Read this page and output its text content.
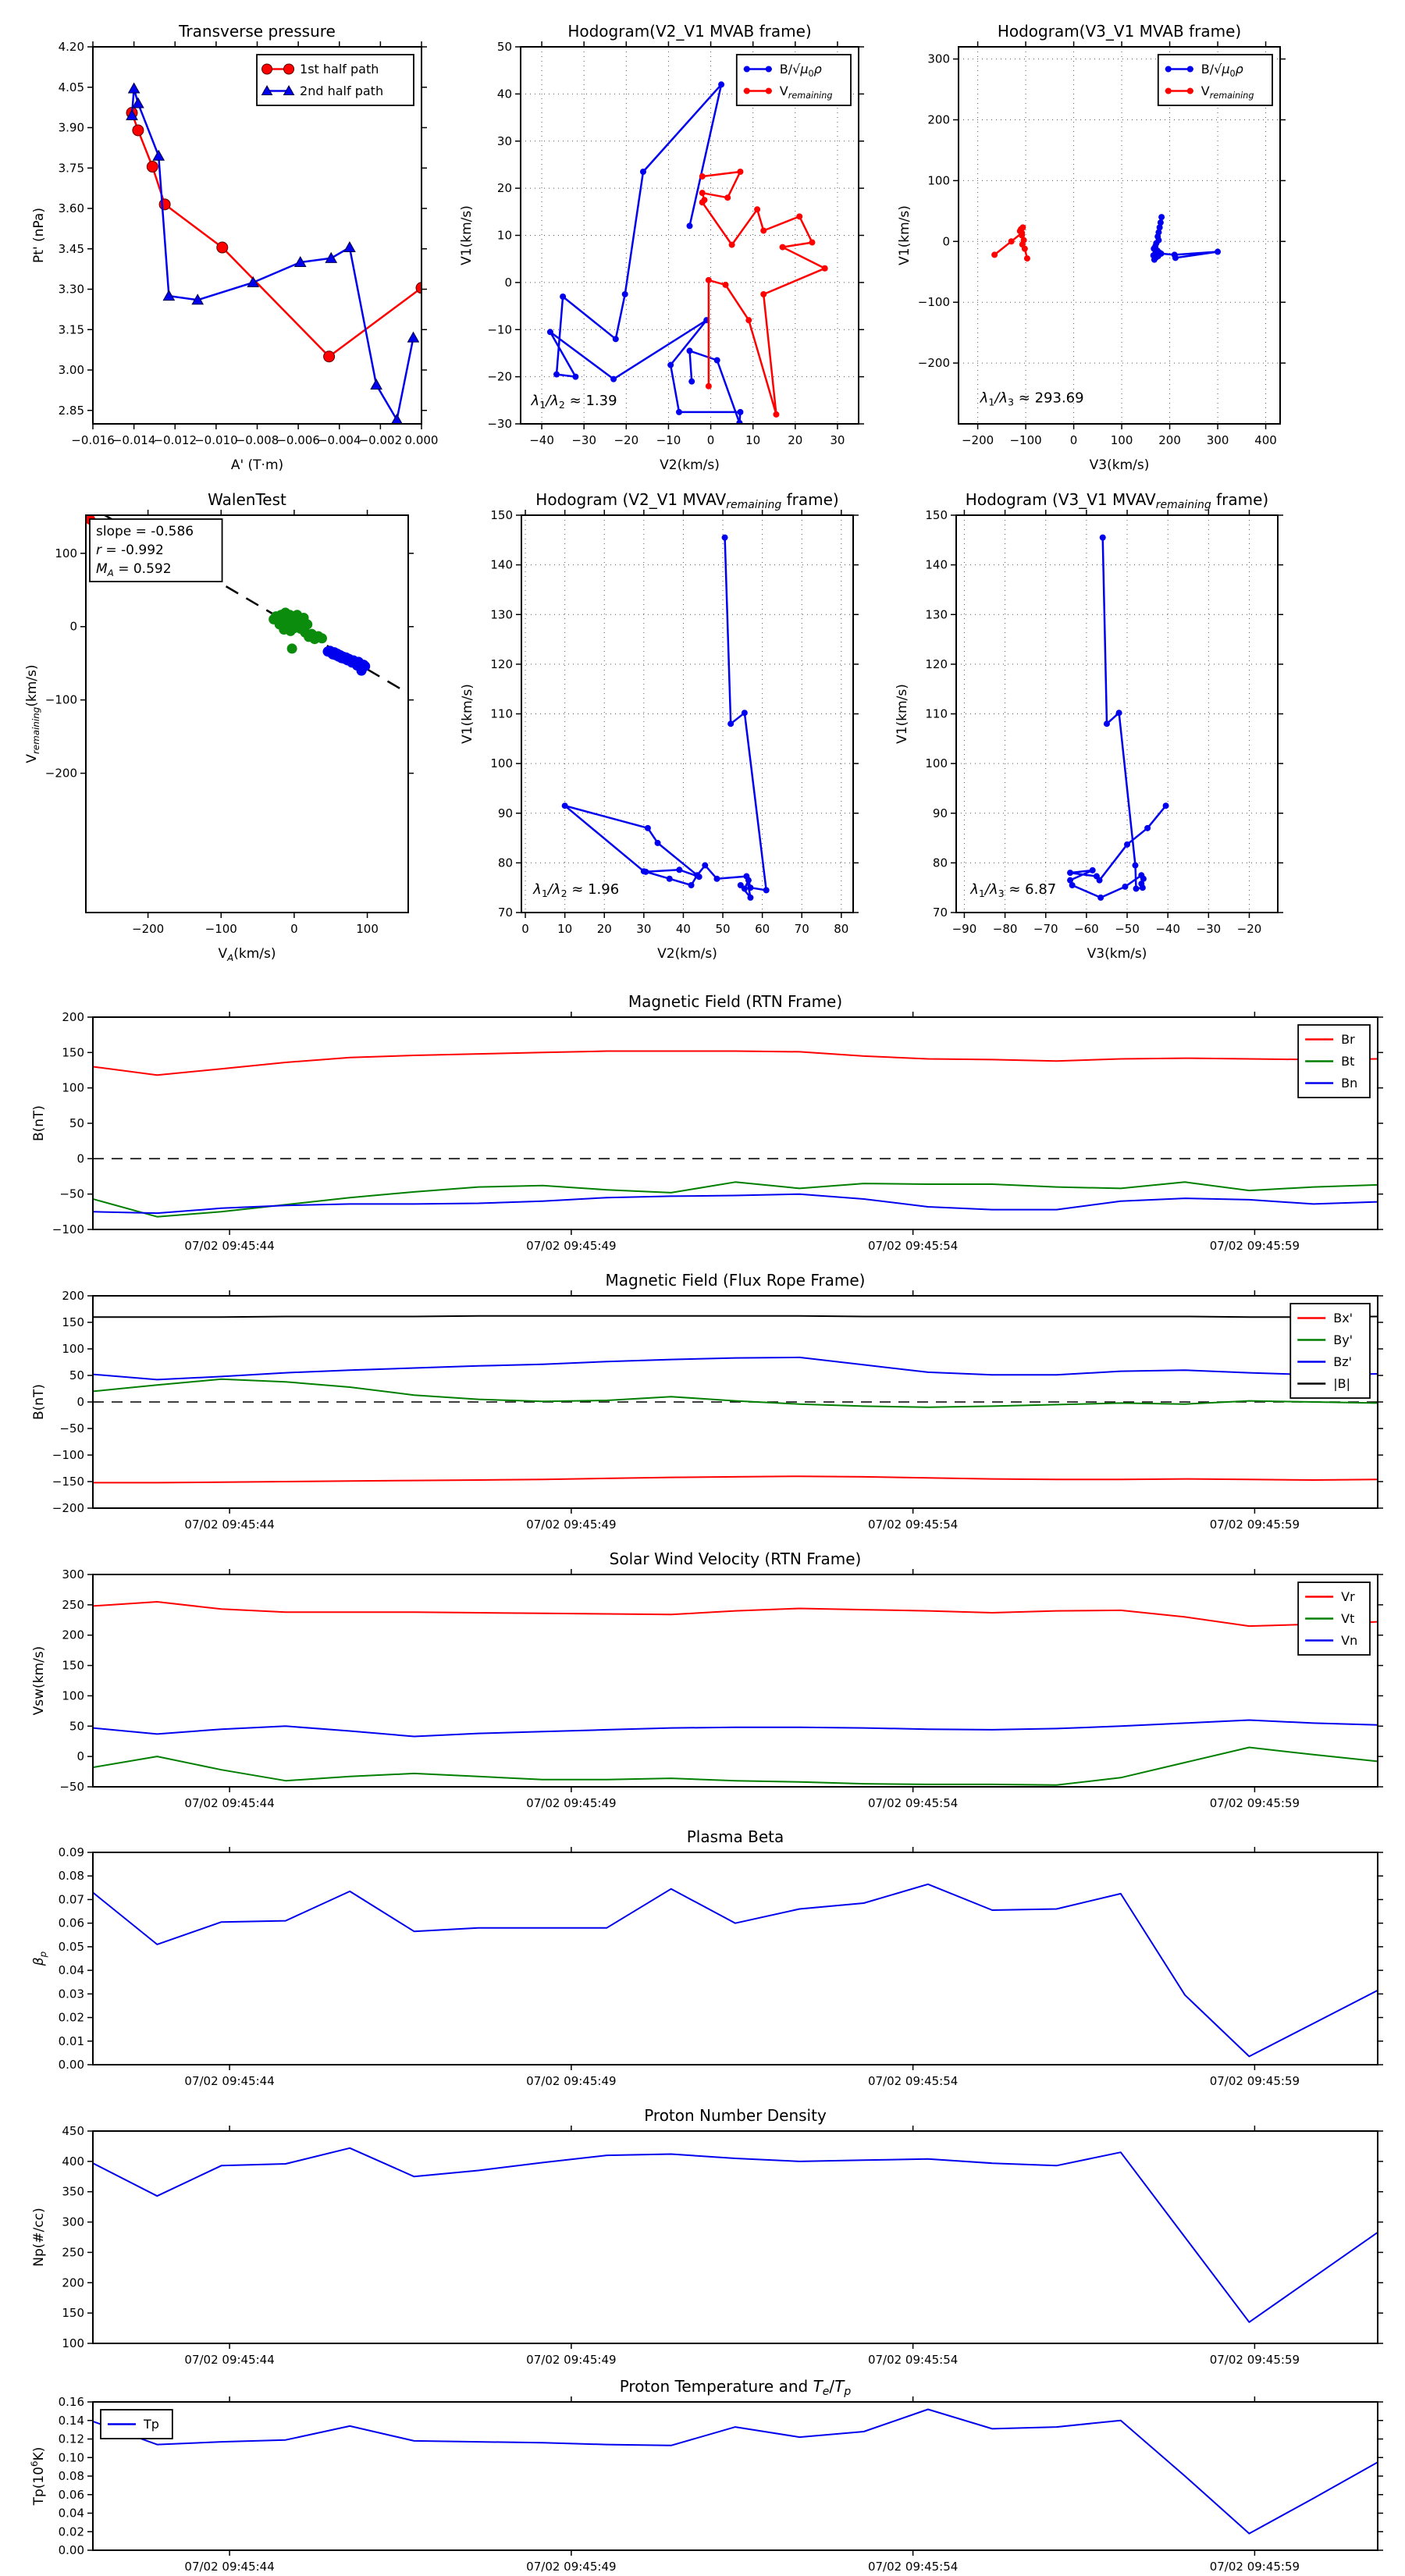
−0.016
−0.014
−0.012
−0.010
−0.008
−0.006
−0.004
−0.002 0.000
2.85
3.00
3.15
3.30
3.45
3.60
3.75
3.90
4.05
4.20
Transverse pressure
A' (T·m)
Pt' (nPa)
1st half path
2nd half path
−40 −30 −20 −10 0	10 20 30
−30
−20
−10
0
10
20
30
40
50
Hodogram(V2_V1 MVAB frame)
V2(km/s)
V1(km/s)
$B/√\mu_0\rho$
$V_{remaining}$
$\lambda_1/\lambda_2 \approx 1.39$
−200 −100 0	100 200 300 400
−200
−100
0
100
200
300
Hodogram(V3_V1 MVAB frame)
V3(km/s)
V1(km/s)
$B/√\mu_0\rho$
$V_{remaining}$
$\lambda_1/\lambda_3 \approx 293.69$
−200	−100	0	100
−200
−100
0
100
WalenTest
$V_A(km/s)$
$V_{remaining}(km/s)$
slope = -0.586
r = -0.992
$M_A = 0.592$
0 10 20 30 40 50 60 70 80
70
80
90
100
110
120
130
140
150
Hodogram (V2_V1 $MVAV_{remaining}$ frame)
V2(km/s)
V1(km/s)
$\lambda_1/\lambda_2 \approx 1.96$
−90 −80 −70 −60 −50 −40 −30 −20
70
80
90
100
110
120
130
140
150
Hodogram (V3_V1 $MVAV_{remaining}$ frame)
V3(km/s)
V1(km/s)
$\lambda_1/\lambda_3 \approx 6.87$
07/02 09:45:44	07/02 09:45:49	07/02 09:45:54	07/02 09:45:59
−100
−50
0
50
100
150
200
Magnetic Field (RTN Frame)
B(nT)
Br
Bt
Bn
07/02 09:45:44	07/02 09:45:49	07/02 09:45:54	07/02 09:45:59
−200
−150
−100
−50
0
50
100
150
200
Magnetic Field (Flux Rope Frame)
B(nT)
Bx'
By'
Bz'
|B|
07/02 09:45:44	07/02 09:45:49	07/02 09:45:54	07/02 09:45:59
−50
0
50
100
150
200
250
300
Solar Wind Velocity (RTN Frame)
Vsw(km/s)
Vr
Vt
Vn
07/02 09:45:44	07/02 09:45:49	07/02 09:45:54	07/02 09:45:59
0.00
0.01
0.02
0.03
0.04
0.05
0.06
0.07
0.08
0.09
Plasma Beta
$\beta_p$
07/02 09:45:44	07/02 09:45:49	07/02 09:45:54	07/02 09:45:59
100
150
200
250
300
350
400
450
Proton Number Density
Np(#/cc)
07/02 09:45:44	07/02 09:45:49	07/02 09:45:54	07/02 09:45:59
0.00
0.02
0.04
0.06
0.08
0.10
0.12
0.14
0.16
Proton Temperature and $T_e/T_p$
$Tp(10^6K)$
Tp
